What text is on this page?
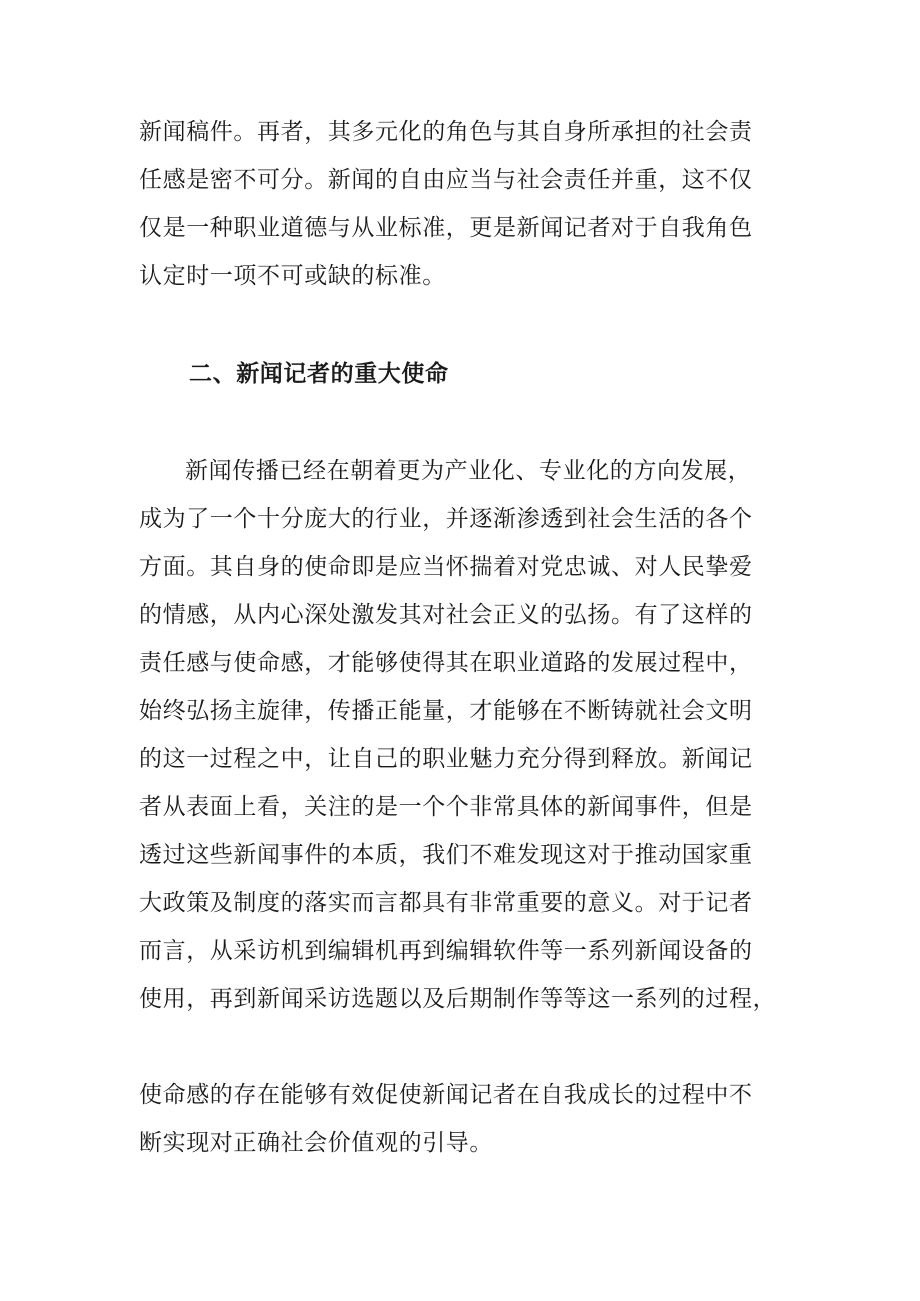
新闻稿件。再者，其多元化的角色与其自身所承担的社会责
任感是密不可分。新闻的自由应当与社会责任并重，这不仅
仅是一种职业道德与从业标准，更是新闻记者对于自我角色
认定时一项不可或缺的标准。
二、新闻记者的重大使命
新闻传播已经在朝着更为产业化、专业化的方向发展，
成为了一个十分庞大的行业，并逐渐渗透到社会生活的各个
方面。其自身的使命即是应当怀揣着对党忠诚、对人民挚爱
的情感，从内心深处激发其对社会正义的弘扬。有了这样的
责任感与使命感，才能够使得其在职业道路的发展过程中，
始终弘扬主旋律，传播正能量，才能够在不断铸就社会文明
的这一过程之中，让自己的职业魅力充分得到释放。新闻记
者从表面上看，关注的是一个个非常具体的新闻事件，但是
透过这些新闻事件的本质，我们不难发现这对于推动国家重
大政策及制度的落实而言都具有非常重要的意义。对于记者
而言，从采访机到编辑机再到编辑软件等一系列新闻设备的
使用，再到新闻采访选题以及后期制作等等这一系列的过程，
使命感的存在能够有效促使新闻记者在自我成长的过程中不
断实现对正确社会价值观的引导。
